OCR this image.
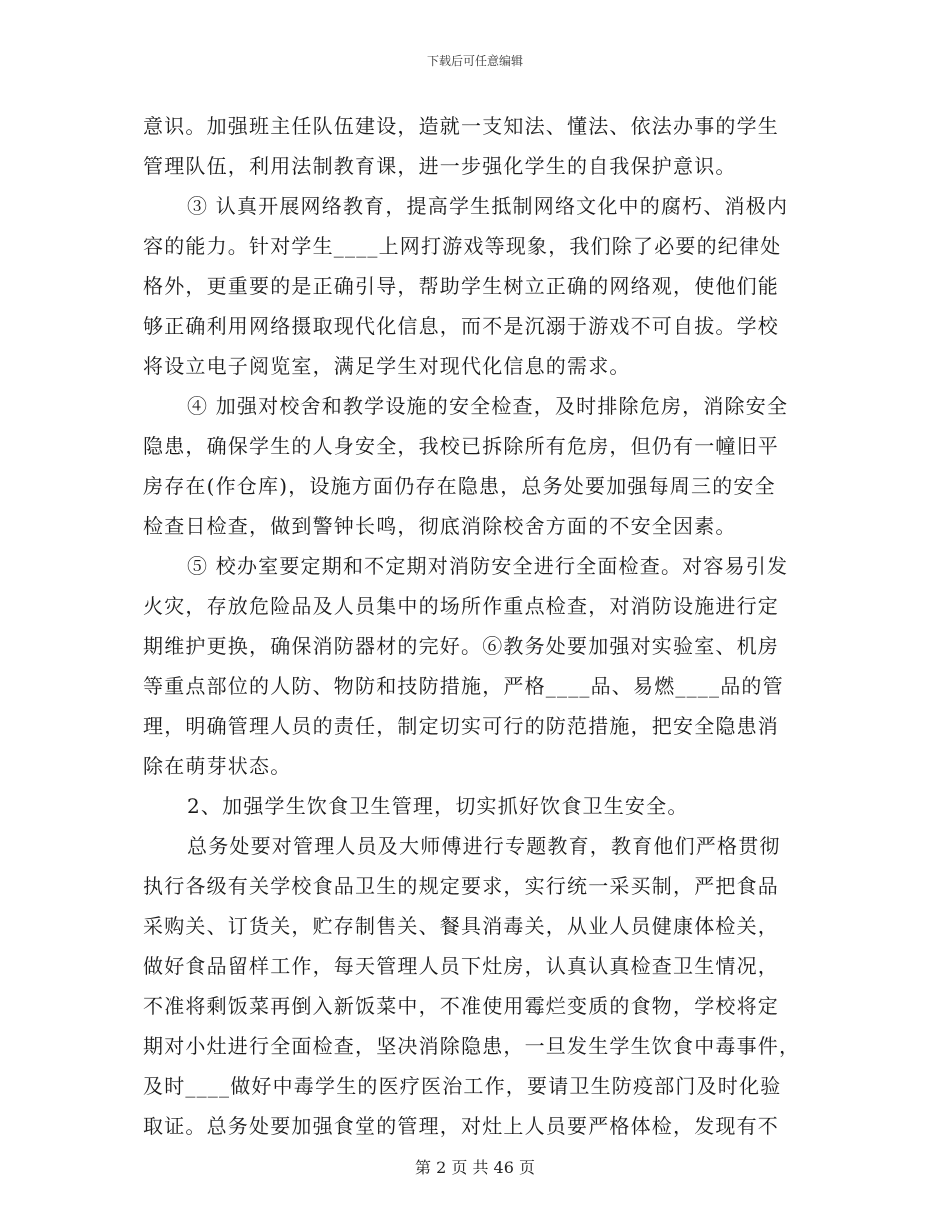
下载后可任意编辑
意识。加强班主任队伍建设，造就一支知法、懂法、依法办事的学生
管理队伍，利用法制教育课，进一步强化学生的自我保护意识。
③ 认真开展网络教育，提高学生抵制网络文化中的腐朽、消极内
容的能力。针对学生____上网打游戏等现象，我们除了必要的纪律处
格外，更重要的是正确引导，帮助学生树立正确的网络观，使他们能
够正确利用网络摄取现代化信息，而不是沉溺于游戏不可自拔。学校
将设立电子阅览室，满足学生对现代化信息的需求。
④ 加强对校舍和教学设施的安全检查，及时排除危房，消除安全
隐患，确保学生的人身安全，我校已拆除所有危房，但仍有一幢旧平
房存在(作仓库)，设施方面仍存在隐患，总务处要加强每周三的安全
检查日检查，做到警钟长鸣，彻底消除校舍方面的不安全因素。
⑤ 校办室要定期和不定期对消防安全进行全面检查。对容易引发
火灾，存放危险品及人员集中的场所作重点检查，对消防设施进行定
期维护更换，确保消防器材的完好。⑥教务处要加强对实验室、机房
等重点部位的人防、物防和技防措施，严格____品、易燃____品的管
理，明确管理人员的责任，制定切实可行的防范措施，把安全隐患消
除在萌芽状态。
2、加强学生饮食卫生管理，切实抓好饮食卫生安全。
总务处要对管理人员及大师傅进行专题教育，教育他们严格贯彻
执行各级有关学校食品卫生的规定要求，实行统一采买制，严把食品
采购关、订货关，贮存制售关、餐具消毒关，从业人员健康体检关，
做好食品留样工作，每天管理人员下灶房，认真认真检查卫生情况，
不准将剩饭菜再倒入新饭菜中，不准使用霉烂变质的食物，学校将定
期对小灶进行全面检查，坚决消除隐患，一旦发生学生饮食中毒事件，
及时____做好中毒学生的医疗医治工作，要请卫生防疫部门及时化验
取证。总务处要加强食堂的管理，对灶上人员要严格体检，发现有不
第 2 页 共 46 页
